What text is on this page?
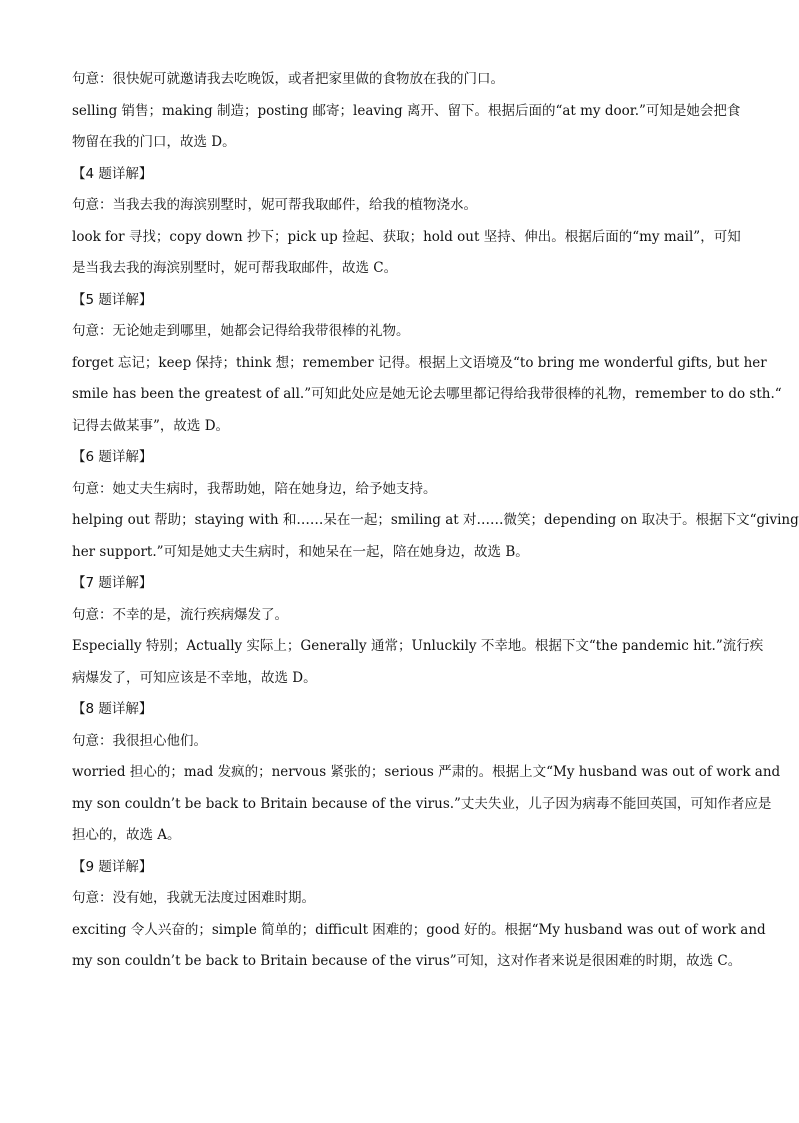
句意：很快妮可就邀请我去吃晚饭，或者把家里做的食物放在我的门口。
selling 销售；making 制造；posting 邮寄；leaving 离开、留下。根据后面的“at my door.”可知是她会把食
物留在我的门口，故选 D。
【4 题详解】
句意：当我去我的海滨别墅时，妮可帮我取邮件，给我的植物浇水。
look for 寻找；copy down 抄下；pick up 捡起、获取；hold out 坚持、伸出。根据后面的“my mail”，可知
是当我去我的海滨别墅时，妮可帮我取邮件，故选 C。
【5 题详解】
句意：无论她走到哪里，她都会记得给我带很棒的礼物。
forget 忘记；keep 保持；think 想；remember 记得。根据上文语境及“to bring me wonderful gifts, but her
smile has been the greatest of all.”可知此处应是她无论去哪里都记得给我带很棒的礼物，remember to do sth.“
记得去做某事”，故选 D。
【6 题详解】
句意：她丈夫生病时，我帮助她，陪在她身边，给予她支持。
helping out 帮助；staying with 和……呆在一起；smiling at 对……微笑；depending on 取决于。根据下文“giving
her support.”可知是她丈夫生病时，和她呆在一起，陪在她身边，故选 B。
【7 题详解】
句意：不幸的是，流行疾病爆发了。
Especially 特别；Actually 实际上；Generally 通常；Unluckily 不幸地。根据下文“the pandemic hit.”流行疾
病爆发了，可知应该是不幸地，故选 D。
【8 题详解】
句意：我很担心他们。
worried 担心的；mad 发疯的；nervous 紧张的；serious 严肃的。根据上文“My husband was out of work and
my son couldn’t be back to Britain because of the virus.”丈夫失业，儿子因为病毒不能回英国，可知作者应是
担心的，故选 A。
【9 题详解】
句意：没有她，我就无法度过困难时期。
exciting 令人兴奋的；simple 简单的；difficult 困难的；good 好的。根据“My husband was out of work and
my son couldn’t be back to Britain because of the virus”可知，这对作者来说是很困难的时期，故选 C。
